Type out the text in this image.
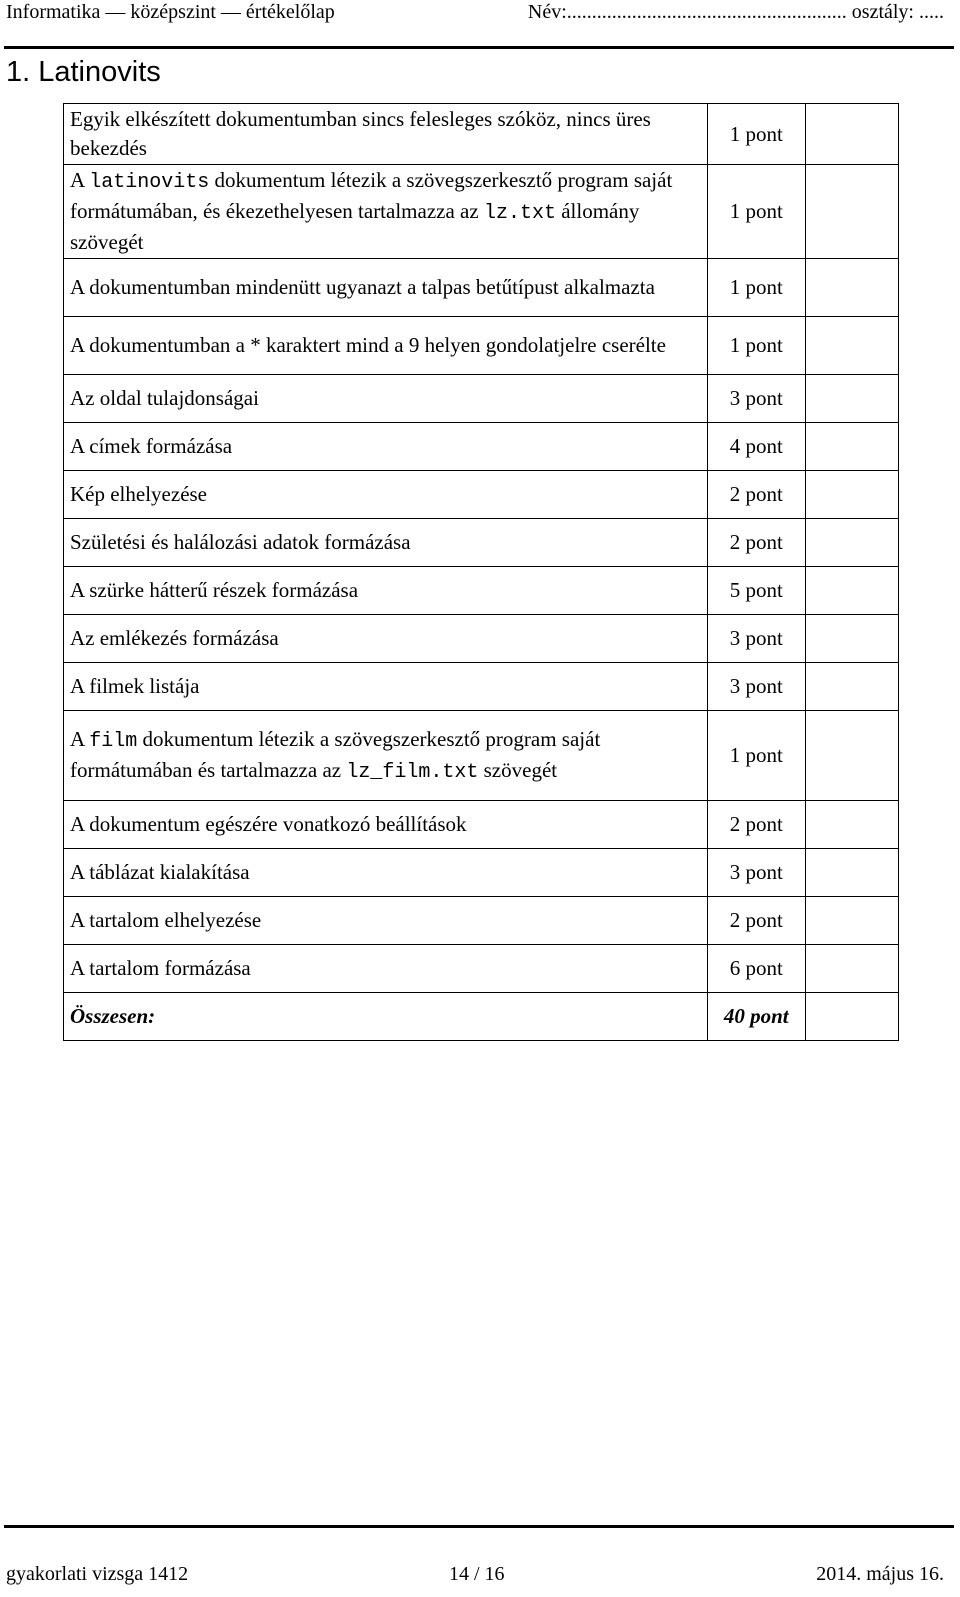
Informatika — középszint — értékelőlap	Név:........................................................ osztály: .....
1. Latinovits
Egyik elkészített dokumentumban sincs felesleges szóköz, nincs üres bekezdés	1 pont	
A latinovits dokumentum létezik a szövegszerkesztő program saját formátumában, és ékezethelyesen tartalmazza az lz.txt állomány szövegét	1 pont	
A dokumentumban mindenütt ugyanazt a talpas betűtípust alkalmazta	1 pont	
A dokumentumban a * karaktert mind a 9 helyen gondolatjelre cserélte	1 pont	
Az oldal tulajdonságai	3 pont	
A címek formázása	4 pont	
Kép elhelyezése	2 pont	
Születési és halálozási adatok formázása	2 pont	
A szürke hátterű részek formázása	5 pont	
Az emlékezés formázása	3 pont	
A filmek listája	3 pont	
A film dokumentum létezik a szövegszerkesztő program saját formátumában és tartalmazza az lz_film.txt szövegét	1 pont	
A dokumentum egészére vonatkozó beállítások	2 pont	
A táblázat kialakítása	3 pont	
A tartalom elhelyezése	2 pont	
A tartalom formázása	6 pont	
Összesen:	40 pont	
gyakorlati vizsga 1412	14 / 16	2014. május 16.
